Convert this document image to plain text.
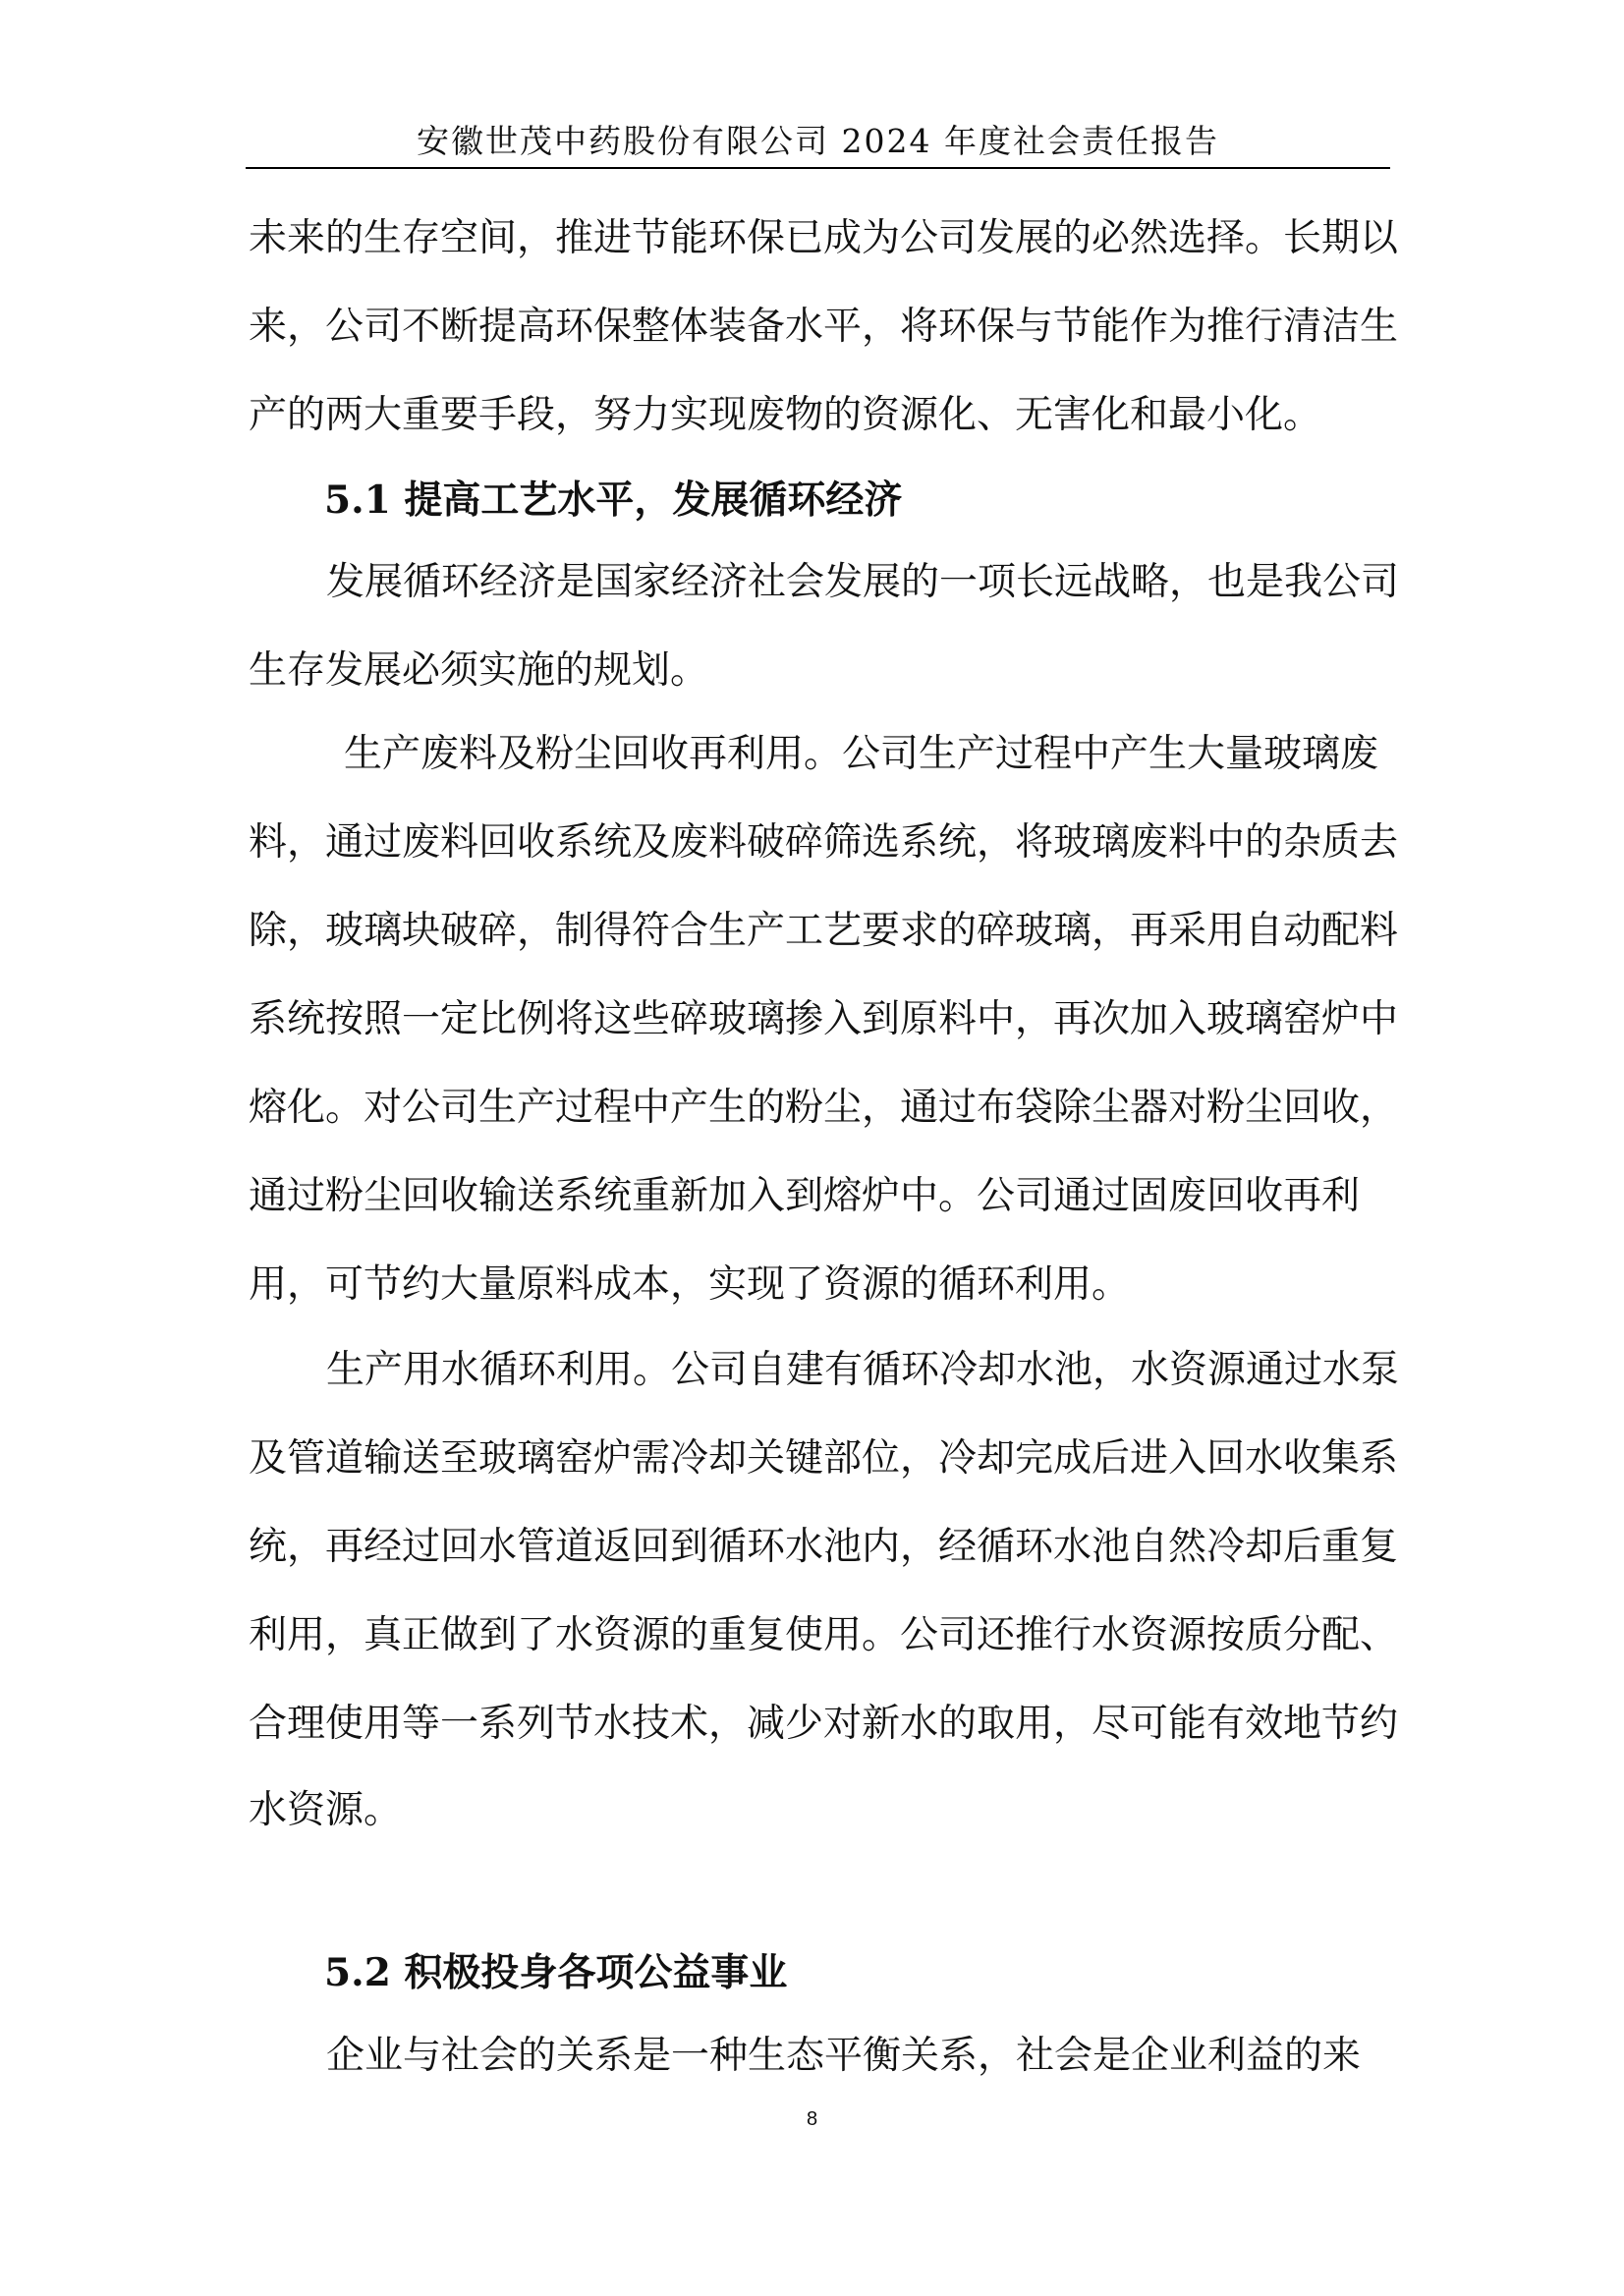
安徽世茂中药股份有限公司 2024 年度社会责任报告

未来的生存空间，推进节能环保已成为公司发展的必然选择。长期以

来，公司不断提高环保整体装备水平，将环保与节能作为推行清洁生

产的两大重要手段，努力实现废物的资源化、无害化和最小化。

5.1 提高工艺水平，发展循环经济

发展循环经济是国家经济社会发展的一项长远战略，也是我公司

生存发展必须实施的规划。

生产废料及粉尘回收再利用。公司生产过程中产生大量玻璃废

料，通过废料回收系统及废料破碎筛选系统，将玻璃废料中的杂质去

除，玻璃块破碎，制得符合生产工艺要求的碎玻璃，再采用自动配料

系统按照一定比例将这些碎玻璃掺入到原料中，再次加入玻璃窑炉中

熔化。对公司生产过程中产生的粉尘，通过布袋除尘器对粉尘回收，

通过粉尘回收输送系统重新加入到熔炉中。公司通过固废回收再利

用，可节约大量原料成本，实现了资源的循环利用。

生产用水循环利用。公司自建有循环冷却水池，水资源通过水泵

及管道输送至玻璃窑炉需冷却关键部位，冷却完成后进入回水收集系

统，再经过回水管道返回到循环水池内，经循环水池自然冷却后重复

利用，真正做到了水资源的重复使用。公司还推行水资源按质分配、

合理使用等一系列节水技术，减少对新水的取用，尽可能有效地节约

水资源。

5.2 积极投身各项公益事业

企业与社会的关系是一种生态平衡关系，社会是企业利益的来

8
